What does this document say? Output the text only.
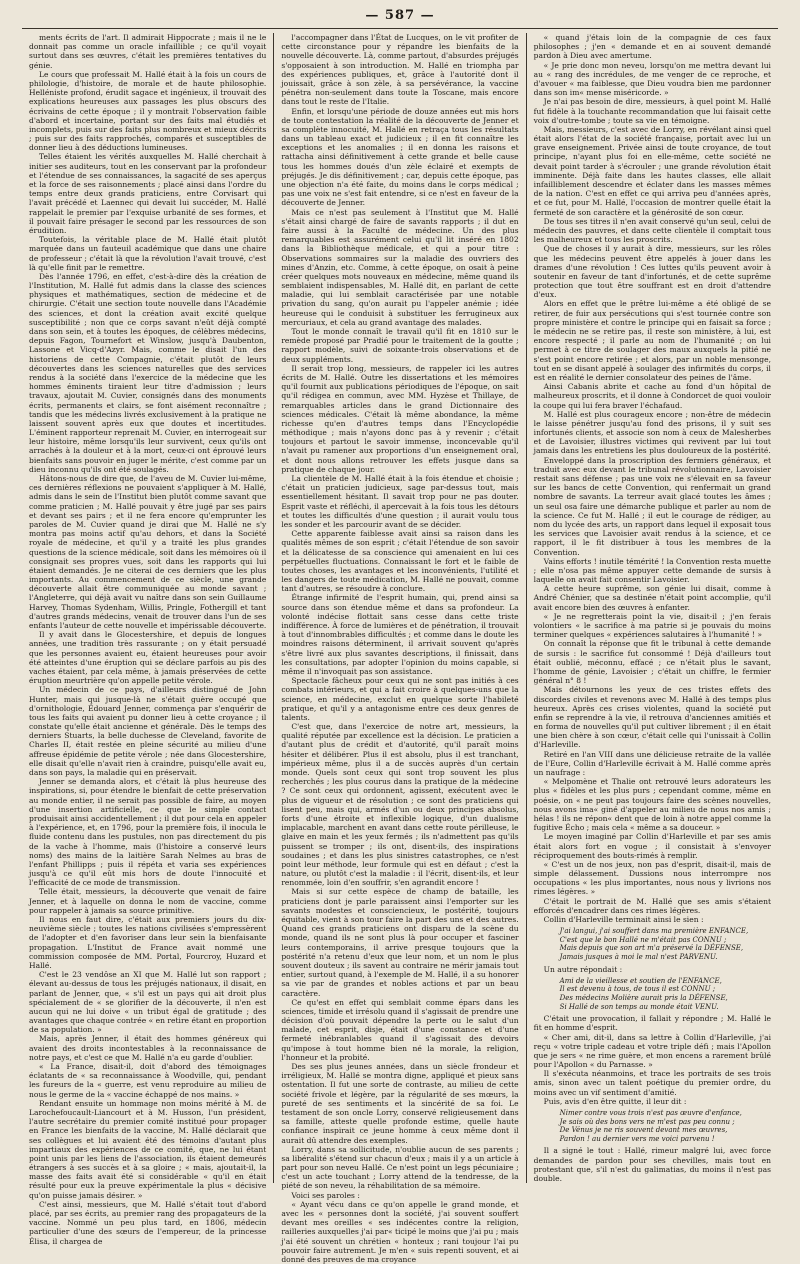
— 587 —

ments écrits de l'art. Il admirait Hippocrate ; mais il ne le donnait pas comme un oracle infaillible ; ce qu'il voyait surtout dans ses œuvres, c'était les premières tentatives du génie.

Le cours que professait M. Hallé était à la fois un cours de philologie, d'histoire, de morale et de haute philosophie. Helléniste profond, érudit sagace et ingénieux, il trouvait des explications heureuses aux passages les plus obscurs des écrivains de cette époque ; il y montrait l'observation faible d'abord et incertaine, portant sur des faits mal étudiés et incomplets, puis sur des faits plus nombreux et mieux décrits ; puis sur des faits rapprochés, comparés et susceptibles de donner lieu à des déductions lumineuses.

Telles étaient les vérités auxquelles M. Hallé cherchait à initier ses auditeurs, tout en les conservant par la profondeur et l'étendue de ses connaissances, la sagacité de ses aperçus et la force de ses raisonnements ; placé ainsi dans l'ordre du temps entre deux grands praticiens, entre Corvisart qui l'avait précédé et Laennec qui devait lui succéder, M. Hallé rappelait le premier par l'exquise urbanité de ses formes, et il pouvait faire présager le second par les ressources de son érudition.

Toutefois, la véritable place de M. Hallé était plutôt marquée dans un fauteuil académique que dans une chaire de professeur ; c'était là que la révolution l'avait trouvé, c'est là qu'elle finit par le remettre.

Dès l'année 1796, en effet, c'est-à-dire dès la création de l'Institution, M. Hallé fut admis dans la classe des sciences physiques et mathématiques, section de médecine et de chirurgie. C'était une section toute nouvelle dans l'Académie des sciences, et dont la création avait excité quelque susceptibilité ; non que ce corps savant n'eût déjà compté dans son sein, et à toutes les époques, de célèbres médecins, depuis Fagon, Tournefort et Winslow, jusqu'à Daubenton, Lassone et Vicq-d'Azyr. Mais, comme le disait l'un des historiens de cette Compagnie, c'était plutôt de leurs découvertes dans les sciences naturelles que des services rendus à la société dans l'exercice de la médecine que les hommes éminents tiraient leur titre d'admission ; leurs travaux, ajoutait M. Cuvier, consignés dans des monuments écrits, permanents et clairs, se font aisément reconnaître ; tandis que les médecins livrés exclusivement à la pratique ne laissent souvent après eux que doutes et incertitudes. L'éminent rapporteur reprenait M. Cuvier, en interrogeait sur leur histoire, même lorsqu'ils leur survivent, ceux qu'ils ont arrachés à la douleur et à la mort, ceux-ci ont éprouvé leurs bienfaits sans pouvoir en juger le mérite, c'est comme par un dieu inconnu qu'ils ont été soulagés.

Hâtons-nous de dire que, de l'aveu de M. Cuvier lui-même, ces dernières réflexions ne pouvaient s'appliquer à M. Hallé, admis dans le sein de l'Institut bien plutôt comme savant que comme praticien ; M. Hallé pouvait y être jugé par ses pairs et devant ses pairs ; et il ne fera encore qu'emprunter les paroles de M. Cuvier quand je dirai que M. Hallé ne s'y montra pas moins actif qu'au dehors, et dans la Société royale de médecine, et qu'il y a traité les plus grandes questions de la science médicale, soit dans les mémoires où il consignait ses propres vues, soit dans les rapports qui lui étaient demandés. Je ne citerai de ces derniers que les plus importants. Au commencement de ce siècle, une grande découverte allait être communiquée au monde savant ; l'Angleterre, qui déjà avait vu naître dans son sein Guillaume Harvey, Thomas Sydenham, Willis, Pringle, Fothergill et tant d'autres grands médecins, venait de trouver dans l'un de ses enfants l'auteur de cette nouvelle et impérissable découverte.

Il y avait dans le Glocestershire, et depuis de longues années, une tradition très rassurante ; on y était persuadé que les personnes avaient eu, étaient heureuses pour avoir été atteintes d'une éruption qui se déclare parfois au pis des vaches étaient, par cela même, à jamais préservées de cette éruption meurtrière qu'on appelle petite vérole.

Un médecin de ce pays, d'ailleurs distingué de John Hunter, mais qui jusque-là ne s'était guère occupé que d'ornithologie, Édouard Jenner, commença par s'enquérir de tous les faits qui avaient pu donner lieu à cette croyance ; il constate qu'elle était ancienne et générale. Dès le temps des derniers Stuarts, la belle duchesse de Cleveland, favorite de Charles II, était restée en pleine sécurité au milieu d'une affreuse épidémie de petite vérole ; née dans Glocestershire, elle disait qu'elle n'avait rien à craindre, puisqu'elle avait eu, dans son pays, la maladie qui en préservait.

Jenner se demanda alors, et c'était là plus heureuse des inspirations, si, pour étendre le bienfait de cette préservation au monde entier, il ne serait pas possible de faire, au moyen d'une insertion artificielle, ce que le simple contact produisait ainsi accidentellement ; il dut pour cela en appeler à l'expérience, et, en 1796, pour la première fois, il inocula le fluide contenu dans les pustules, non pas directement du pis de la vache à l'homme, mais (l'histoire a conservé leurs noms) des mains de la laitière Sarah Nelmes au bras de l'enfant Phillipps ; puis il répéta et varia ses expériences jusqu'à ce qu'il eût mis hors de doute l'innocuité et l'efficacité de ce mode de transmission.

Telle était, messieurs, la découverte que venait de faire Jenner, et à laquelle on donna le nom de vaccine, comme pour rappeler à jamais sa source primitive.

Il nous en faut dire, c'était aux premiers jours du dix-neuvième siècle ; toutes les nations civilisées s'empressèrent de l'adopter et d'en favoriser dans leur sein la bienfaisante propagation. L'Institut de France avait nommé une commission composée de MM. Portal, Fourcroy, Huzard et Hallé.

C'est le 23 vendôse an XI que M. Hallé lut son rapport ; élevant au-dessus de tous les préjugés nationaux, il disait, en parlant de Jenner, que, « s'il est un pays qui ait droit plus spécialement de « se glorifier de la découverte, il n'en est aucun qui ne lui doive « un tribut égal de gratitude ; des avantages que chaque contrée « en retire étant en proportion de sa population. »

Mais, après Jenner, il était des hommes généreux qui avaient des droits incontestables à la reconnaissance de notre pays, et c'est ce que M. Hallé n'a eu garde d'oublier.

« La France, disait-il, doit d'abord des témoignages éclatants de « sa reconnaissance à Woodville, qui, pendant les fureurs de la « guerre, est venu reproduire au milieu de nous le germe de la « vaccine échappé de nos mains. »

Rendant ensuite un hommage non moins mérité à M. de Larochefoucault-Liancourt et à M. Husson, l'un président, l'autre secrétaire du premier comité institué pour propager en France les bienfaits de la vaccine, M. Hallé déclarait que ses collègues et lui avaient été des témoins d'autant plus impartiaux des expériences de ce comité, que, ne lui étant point unis par les liens de l'association, ils étaient demeurés étrangers à ses succès et à sa gloire ; « mais, ajoutait-il, la masse des faits avait été si considérable « qu'il en était résulté pour eux la preuve expérimentale la plus « décisive qu'on puisse jamais désirer. »

C'est ainsi, messieurs, que M. Hallé s'était tout d'abord placé, par ses écrits, au premier rang des propagateurs de la vaccine. Nommé un peu plus tard, en 1806, médecin particulier d'une des sœurs de l'empereur, de la princesse Élisa, il chargea de

l'accompagner dans l'État de Lucques, on le vit profiter de cette circonstance pour y répandre les bienfaits de la nouvelle découverte. Là, comme partout, d'absurdes préjugés s'opposaient à son introduction. M. Hallé en triompha par des expériences publiques, et, grâce à l'autorité dont il jouissait, grâce à son zèle, à sa persévérance, la vaccine pénétra non-seulement dans toute la Toscane, mais encore dans tout le reste de l'Italie.

Enfin, et lorsqu'une période de douze années eut mis hors de toute contestation la réalité de la découverte de Jenner et sa complète innocuité, M. Hallé en retraça tous les résultats dans un tableau exact et judicieux ; il en fit connaître les exceptions et les anomalies ; il en donna les raisons et rattacha ainsi définitivement à cette grande et belle cause tous les hommes doués d'un zèle éclairé et exempts de préjugés. Je dis définitivement ; car, depuis cette époque, pas une objection n'a été faite, du moins dans le corps médical ; pas une voix ne s'est fait entendre, si ce n'est en faveur de la découverte de Jenner.

Mais ce n'est pas seulement à l'Institut que M. Hallé s'était ainsi chargé de faire de savants rapports ; il dut en faire aussi à la Faculté de médecine. Un des plus remarquables est assurément celui qu'il lit inséré en 1802 dans la Bibliothèque médicale, et qui a pour titre : Observations sommaires sur la maladie des ouvriers des mines d'Anzin, etc. Comme, à cette époque, on osait à peine créer quelques mots nouveaux en médecine, même quand ils semblaient indispensables, M. Hallé dit, en parlant de cette maladie, qui lui semblait caractérisée par une notable privation du sang, qu'on aurait pu l'appeler anémie ; idée heureuse qui le conduisit à substituer les ferrugineux aux mercuriaux, et cela au grand avantage des malades.

Tout le monde connaît le travail qu'il fit en 1810 sur le remède proposé par Pradié pour le traitement de la goutte ; rapport modèle, suivi de soixante-trois observations et de deux suppléments.

Il serait trop long, messieurs, de rappeler ici les autres écrits de M. Hallé. Outre les dissertations et les mémoires qu'il fournit aux publications périodiques de l'époque, on sait qu'il rédigea en commun, avec MM. Hyzèse et Thillaye, de remarquables articles dans le grand Dictionnaire des sciences médicales. C'était là même abondance, la même richesse qu'en d'autres temps dans l'Encyclopédie méthodique ; mais n'ayons donc pas à y revenir ; c'était toujours et partout le savoir immense, inconcevable qu'il n'avait pu ramener aux proportions d'un enseignement oral, et dont nous allons retrouver les effets jusque dans sa pratique de chaque jour.

La clientèle de M. Hallé était à la fois étendue et choisie ; c'était un praticien judicieux, sage par-dessus tout, mais essentiellement hésitant. Il savait trop pour ne pas douter. Esprit vaste et réfléchi, il apercevait à la fois tous les détours et toutes les difficultés d'une question ; il aurait voulu tous les sonder et les parcourir avant de se décider.

Cette apparente faiblesse avait ainsi sa raison dans les qualités mêmes de son esprit ; c'était l'étendue de son savoir et la délicatesse de sa conscience qui amenaient en lui ces perpétuelles fluctuations. Connaissant le fort et le faible de toutes choses, les avantages et les inconvénients, l'utilité et les dangers de toute médication, M. Hallé ne pouvait, comme tant d'autres, se résoudre à conclure.

Étrange infirmité de l'esprit humain, qui, prend ainsi sa source dans son étendue même et dans sa profondeur. La volonté indécise flottait sans cesse dans cette triste indifférence. À force de lumières et de pénétration, il trouvait à tout d'innombrables difficultés ; et comme dans le doute les moindres raisons déterminent, il arrivait souvent qu'après s'être livré aux plus savantes descriptions, il finissait, dans les consultations, par adopter l'opinion du moins capable, si même il n'invoquait pas son assistance.

Spectacle fâcheux pour ceux qui ne sont pas initiés à ces combats intérieurs, et qui a fait croire à quelques-uns que la science, en médecine, exclut en quelque sorte l'habileté pratique, et qu'il y a antagonisme entre ces deux genres de talents.

C'est que, dans l'exercice de notre art, messieurs, la qualité réputée par excellence est la décision. Le praticien a d'autant plus de crédit et d'autorité, qu'il paraît moins hésiter et délibérer. Plus il est absolu, plus il est tranchant, impérieux même, plus il a de succès auprès d'un certain monde. Quels sont ceux qui sont trop souvent les plus recherchés ; les plus courus dans la pratique de la médecine ? Ce sont ceux qui ordonnent, agissent, exécutent avec le plus de vigueur et de résolution ; ce sont des praticiens qui lisent peu, mais qui, armés d'un ou deux principes absolus, forts d'une étroite et inflexible logique, d'un dualisme implacable, marchent en avant dans cette route périlleuse, le glaive en main et les yeux fermés ; ils n'admettent pas qu'ils puissent se tromper ; ils ont, disent-ils, des inspirations soudaines ; et dans les plus sinistres catastrophes, ce n'est point leur méthode, leur formule qui est en défaut ; c'est la nature, ou plutôt c'est la maladie : il l'écrit, disent-ils, et leur renommée, loin d'en souffrir, s'en agrandit encore !

Mais si sur cette espèce de champ de bataille, les praticiens dont je parle paraissent ainsi l'emporter sur les savants modestes et consciencieux, le postérité, toujours équitable, vient à son tour faire la part des uns et des autres. Quand ces grands praticiens ont disparu de la scène du monde, quand ils ne sont plus là pour occuper et fasciner leurs contemporains, il arrive presque toujours que la postérité n'a retenu d'eux que leur nom, et un nom le plus souvent douteux ; ils savent au contraire ne mérir jamais tout entier, surtout quand, à l'exemple de M. Hallé, il a su honorer sa vie par de grandes et nobles actions et par un beau caractère.

Ce qu'est en effet qui semblait comme épars dans les sciences, timide et irrésolu quand il s'agissait de prendre une décision d'où pouvait dépendre la perte ou le salut d'un malade, cet esprit, disje, était d'une constance et d'une fermeté inébranlables quand il s'agissait des devoirs qu'impose à tout homme bien né la morale, la religion, l'honneur et la probité.

Des ses plus jeunes années, dans un siècle frondeur et irréligieux, M. Hallé se montra digne, appliqué et pieux sans ostentation. Il fut une sorte de contraste, au milieu de cette société frivole et légère, par la régularité de ses mœurs, la pureté de ses sentiments et la sincérité de sa foi. Le testament de son oncle Lorry, conservé religieusement dans sa famille, atteste quelle profonde estime, quelle haute confiance inspirait ce jeune homme à ceux même dont il aurait dû attendre des exemples.

Lorry, dans sa sollicitude, n'oublie aucun de ses parents ; sa libéralité s'étend sur chacun d'eux ; mais il y a un article à part pour son neveu Hallé. Ce n'est point un legs pécuniaire ; c'est un acte touchant ; Lorry attend de la tendresse, de la piété de son neveu, la réhabilitation de sa mémoire.

Voici ses paroles :

« Ayant vécu dans ce qu'on appelle le grand monde, et avec les « personnes dont la société, j'ai souvent souffert devant mes oreilles « ses indécentes contre la religion, railleries auxquelles j'ai par« ticipé le moins que j'ai pu ; mais j'ai été souvent un chrétien « honteux ; rani toujour l'ai pu pouvoir faire autrement. Je m'en « suis repenti souvent, et ai donné des preuves de ma croyance

« quand j'étais loin de la compagnie de ces faux philosophes ; j'en « demande et en ai souvent demandé pardon à Dieu avec amertume.

« Je prie donc mon neveu, lorsqu'on me mettra devant lui au « rang des incrédules, de me venger de ce reproche, et d'avouer « ma faiblesse, que Dieu voudra bien me pardonner dans son im« mense miséricorde. »

Je n'ai pas besoin de dire, messieurs, à quel point M. Hallé fut fidèle à la touchante recommandation que lui faisait cette voix d'outre-tombe ; toute sa vie en témoigne.

Mais, messieurs, c'est avec de Lorry, en révélant ainsi quel était alors l'état de la société française, portait avec lui un grave enseignement. Privée ainsi de toute croyance, de tout principe, n'ayant plus foi en elle-même, cette société ne devait point tarder à s'écrouler ; une grande révolution était imminente. Déjà faite dans les hautes classes, elle allait infailliblement descendre et éclater dans les masses mêmes de la nation. C'est en effet ce qui arriva peu d'années après, et ce fut, pour M. Hallé, l'occasion de montrer quelle était la fermeté de son caractère et la générosité de son cœur.

De tous ses titres il n'en avait conservé qu'un seul, celui de médecin des pauvres, et dans cette clientèle il comptait tous les malheureux et tous les proscrits.

Que de choses il y aurait à dire, messieurs, sur les rôles que les médecins peuvent être appelés à jouer dans les drames d'une révolution ! Ces luttes qu'ils peuvent avoir à soutenir en faveur de tant d'infortunés, et de cette suprême protection que tout être souffrant est en droit d'attendre d'eux.

Alors en effet que le prêtre lui-même a été obligé de se retirer, de fuir aux persécutions qui s'est tournée contre son propre ministère et contre le principe qui en faisait sa force ; le médecin ne se retire pas, il reste son ministère, à lui, est encore respecté ; il parle au nom de l'humanité ; on lui permet à ce titre de soulager des maux auxquels la pitié ne s'est point encore retirée ; et alors, par un noble mensonge, tout en se disant appelé à soulager des infirmités du corps, il est en réalité le dernier consolateur des peines de l'âme.

Ainsi Cabanis abrite et cache au fond d'un hôpital de malheureux proscrits, et il donne à Condorcet de quoi vouloir la coupe qui lui fera braver l'échafaud.

M. Hallé est plus courageux encore ; non-être de médecin le laisse pénétrer jusqu'au fond des prisons, il y suit ses infortunés clients, et associe son nom à ceux de Malesherbes et de Lavoisier, illustres victimes qui revivent par lui tout jamais dans les entretiens les plus douloureux de la postérité.

Enveloppé dans la proscription des fermiers généraux, et traduit avec eux devant le tribunal révolutionnaire, Lavoisier restait sans défense ; pas une voix ne s'élevait en sa faveur sur les bancs de cette Convention, qui renfermait un grand nombre de savants. La terreur avait glacé toutes les âmes ; un seul osa faire une démarche publique et parler au nom de la science. Ce fut M. Hallé ; il eut le courage de rédiger, au nom du lycée des arts, un rapport dans lequel il exposait tous les services que Lavoisier avait rendus à la science, et ce rapport, il le fit distribuer à tous les membres de la Convention.

Vains efforts ! inutile témérité ! la Convention resta muette ; elle n'osa pas même appuyer cette demande de sursis à laquelle on avait fait consentir Lavoisier.

A cette heure suprême, son génie lui disait, comme à André Chénier, que sa destinée n'était point accomplie, qu'il avait encore bien des œuvres à enfanter.

« Je ne regretterais point la vie, disait-il ; j'en ferais volontiers « le sacrifice à ma patrie si je pouvais du moins terminer quelques « expériences salutaires à l'humanité ! »

On connaît la réponse que fit le tribunal à cette demande de sursis : le sacrifice fut consommé ! Déjà d'ailleurs tout était oublié, méconnu, effacé ; ce n'était plus le savant, l'homme de génie, Lavoisier ; c'était un chiffre, le fermier général n° 8 !

Mais détournons les yeux de ces tristes effets des discordes civiles et revenons avec M. Hallé à des temps plus heureux. Après ces crises violentes, quand la société put enfin se reprendre à la vie, il retrouva d'anciennes amitiés et en forma de nouvelles qu'il put cultiver librement ; il en était une bien chère à son cœur, c'était celle qui l'unissait à Collin d'Harleville.

Retiré en l'an VIII dans une délicieuse retraite de la vallée de l'Eure, Collin d'Harleville écrivait à M. Hallé comme après un naufrage :

« Melpomène et Thalie ont retrouvé leurs adorateurs les plus « fidèles et les plus purs ; cependant comme, même en poésie, on « ne peut pas toujours faire des scènes nouvelles, nous avons ima« giné d'appeler au milieu de nous nos amis ; hélas ! ils ne répon« dent que de loin à notre appel comme la fugitive Écho ; mais cela « même a sa douceur. »

Le moyen imaginé par Collin d'Harleville et par ses amis était alors fort en vogue ; il consistait à s'envoyer réciproquement des bouts-rimés à remplir.

« C'est un de nos jeux, non pas d'esprit, disait-il, mais de simple délassement. Dussions nous interrompre nos occupations « les plus importantes, nous nous y livrions nos rimes légères. »

C'était le portrait de M. Hallé que ses amis s'étaient efforcés d'encadrer dans ces rimes légères.

Collin d'Harleville terminait ainsi le sien :

J'ai langui, j'ai souffert dans ma première ENFANCE,
C'est que le bon Hallé ne m'était pas CONNU ;
Mais depuis que son art m'a préservé la DÉFENSE,
Jamais jusques à moi le mal n'est PARVENU.

Un autre répondait :

Ami de la vieillesse et soutien de l'ENFANCE,
Il est devenu à tous, de tous il est CONNU ;
Des médecins Molière aurait pris la DÉFENSE,
Si Hallé de son temps au monde était VENU.

C'était une provocation, il fallait y répondre ; M. Hallé le fit en homme d'esprit.

« Cher ami, dit-il, dans sa lettre à Collin d'Harleville, j'ai reçu « votre triple cadeau et votre triple défi ; mais l'Apollon que je sers « ne rime guère, et mon encens a rarement brûlé pour l'Apollon « du Parnasse. »

Il s'exécuta néanmoins, et trace les portraits de ses trois amis, sinon avec un talent poétique du premier ordre, du moins avec un vif sentiment d'amitié.

Puis, avis d'en être quitte, il leur dit :

Nimer contre vous trois n'est pas œuvre d'enfance,
Je sais où des bons vers ne m'est pas peu connu ;
De Vénus je ne ris souvent devant mes œuvres,
Pardon ! au dernier vers me voici parvenu !

Il a signé le tout : Hallé, rimeur malgré lui, avec force demandes de pardon pour ses chevilles, mais tout en protestant que, s'il n'est du galimatias, du moins il n'est pas double.
